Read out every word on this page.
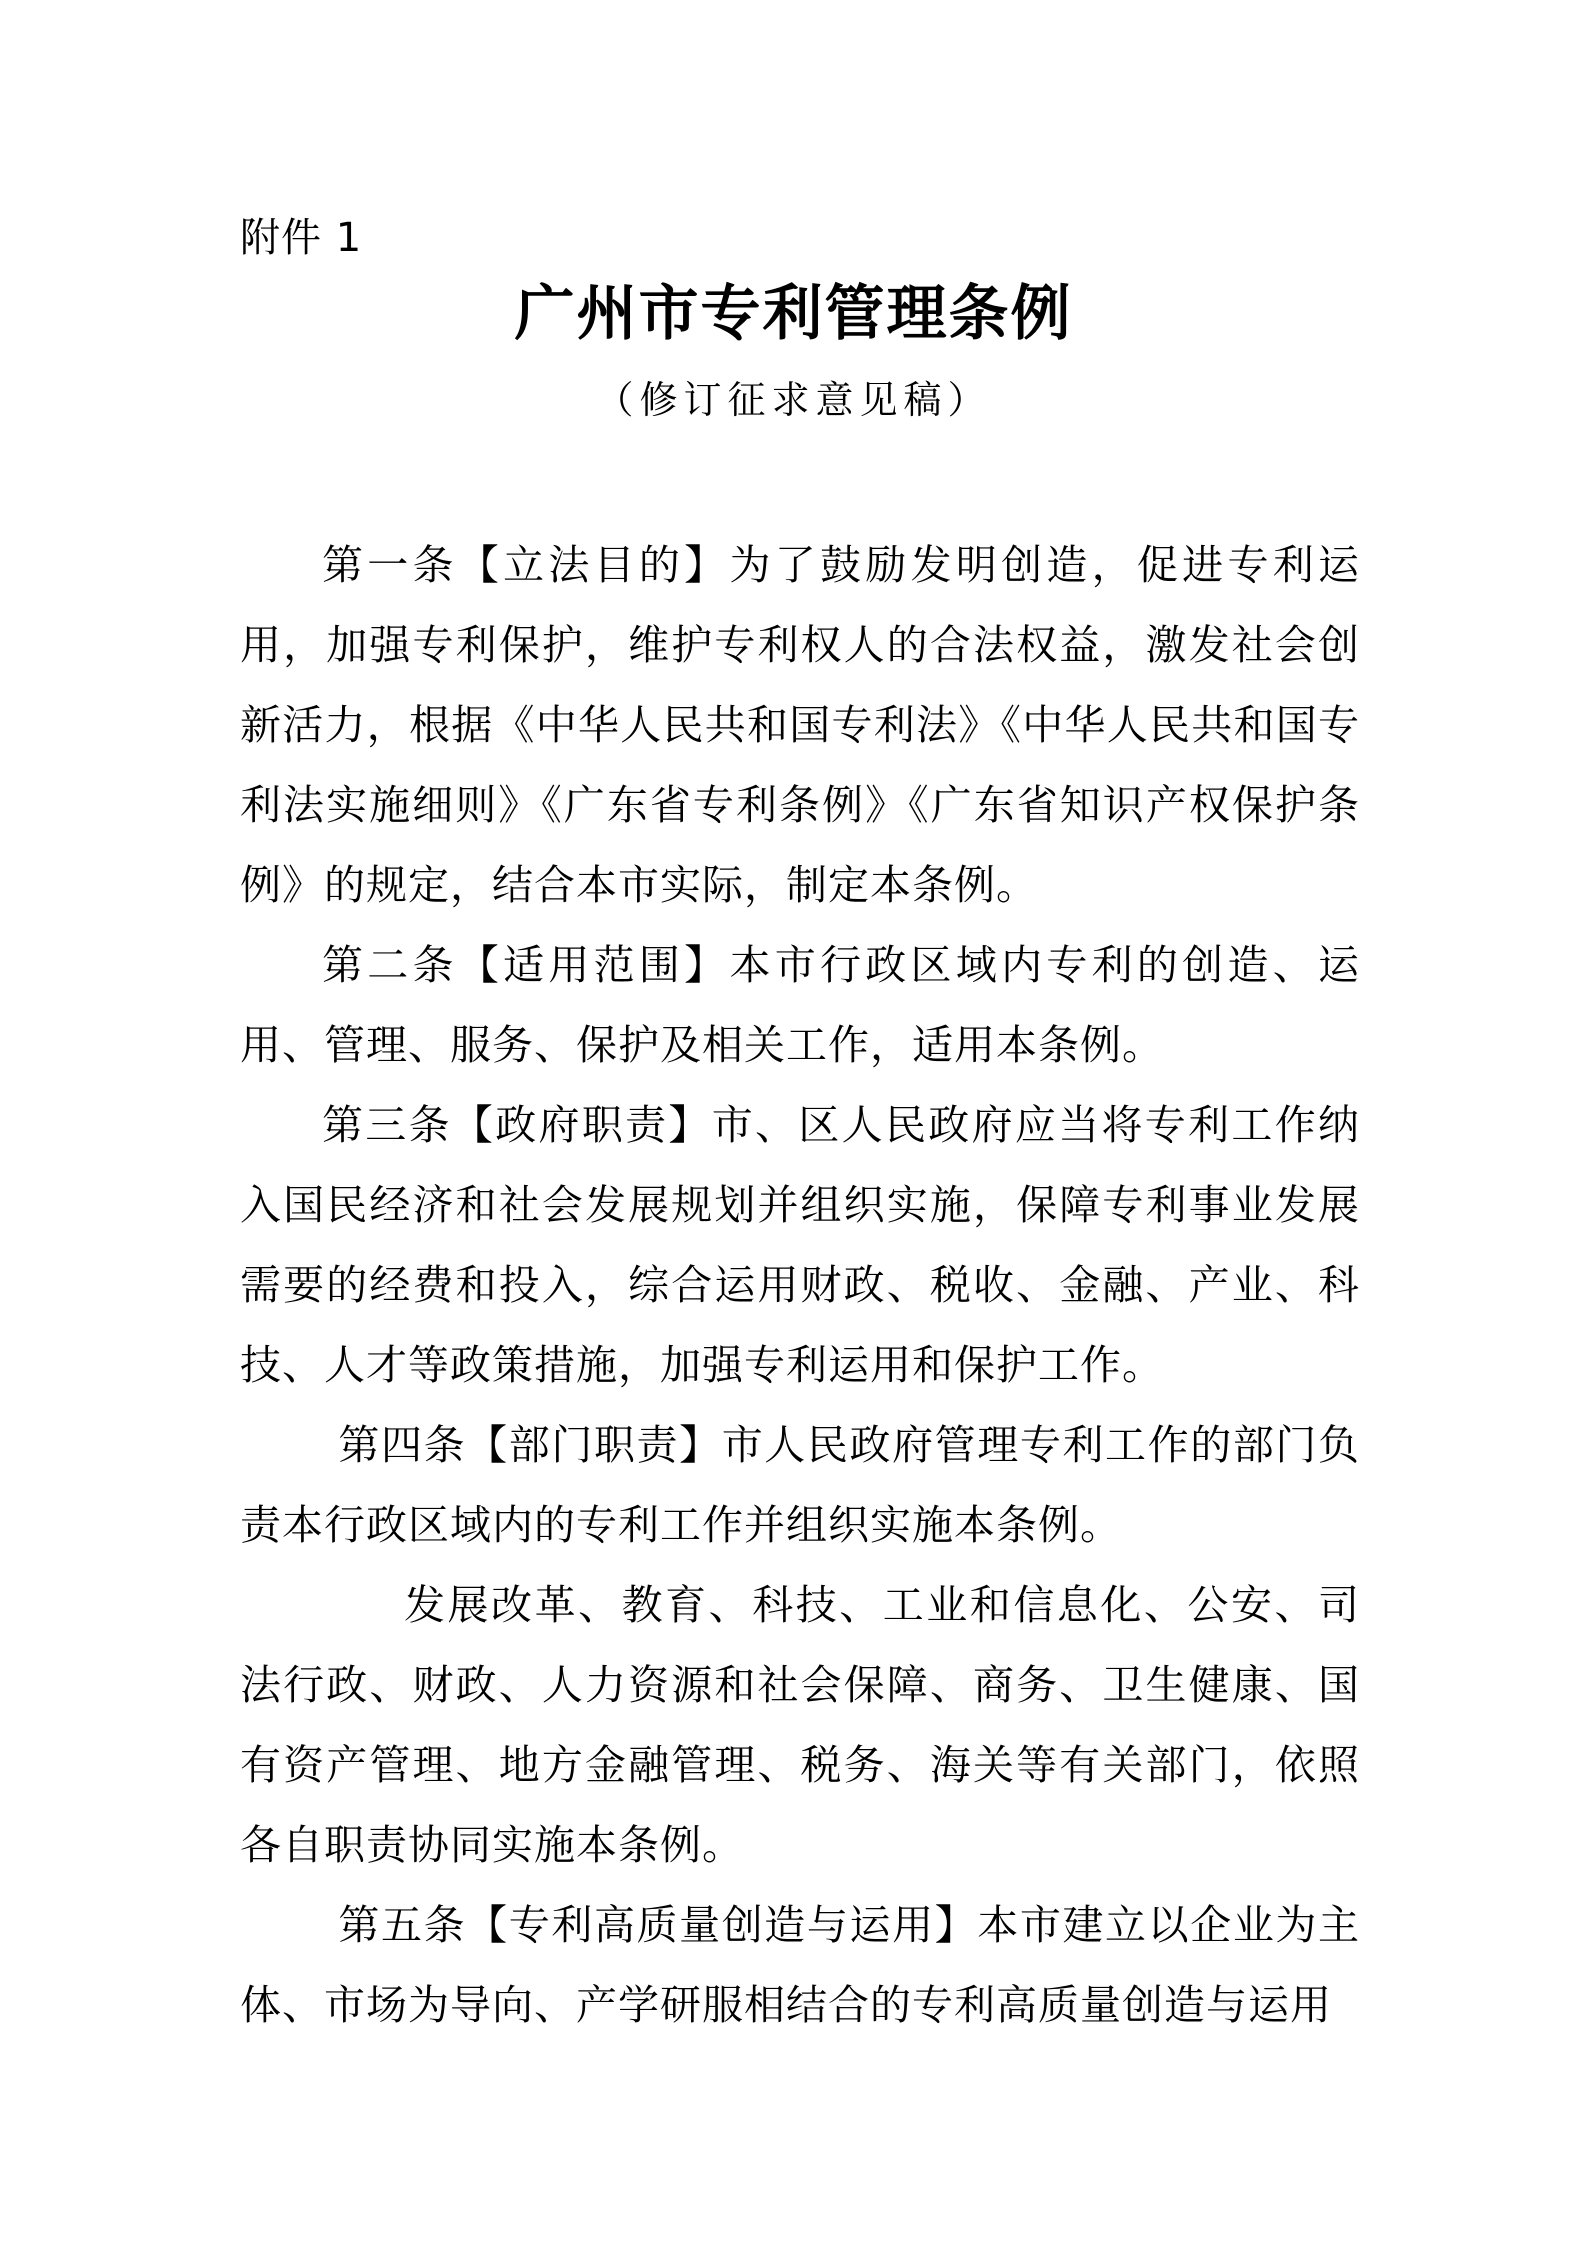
附件 1
广州市专利管理条例
（修订征求意见稿）

第一条【立法目的】为了鼓励发明创造，促进专利运用，加强专利保护，维护专利权人的合法权益，激发社会创新活力，根据《中华人民共和国专利法》《中华人民共和国专利法实施细则》《广东省专利条例》《广东省知识产权保护条例》的规定，结合本市实际，制定本条例。

第二条【适用范围】本市行政区域内专利的创造、运用、管理、服务、保护及相关工作，适用本条例。

第三条【政府职责】市、区人民政府应当将专利工作纳入国民经济和社会发展规划并组织实施，保障专利事业发展需要的经费和投入，综合运用财政、税收、金融、产业、科技、人才等政策措施，加强专利运用和保护工作。

第四条【部门职责】市人民政府管理专利工作的部门负责本行政区域内的专利工作并组织实施本条例。

发展改革、教育、科技、工业和信息化、公安、司法行政、财政、人力资源和社会保障、商务、卫生健康、国有资产管理、地方金融管理、税务、海关等有关部门，依照各自职责协同实施本条例。

第五条【专利高质量创造与运用】本市建立以企业为主体、市场为导向、产学研服相结合的专利高质量创造与运用
